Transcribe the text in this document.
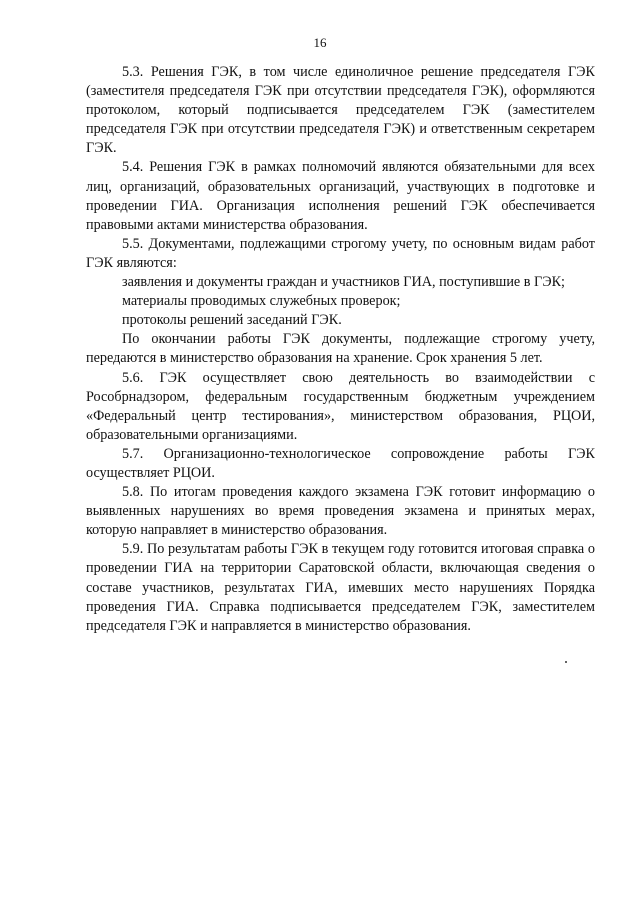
16

5.3. Решения ГЭК, в том числе единоличное решение председателя ГЭК (заместителя председателя ГЭК при отсутствии председателя ГЭК), оформляются протоколом, который подписывается председателем ГЭК (заместителем председателя ГЭК при отсутствии председателя ГЭК) и ответственным секретарем ГЭК.

5.4. Решения ГЭК в рамках полномочий являются обязательными для всех лиц, организаций, образовательных организаций, участвующих в подготовке и проведении ГИА. Организация исполнения решений ГЭК обеспечивается правовыми актами министерства образования.

5.5. Документами, подлежащими строгому учету, по основным видам работ ГЭК являются:

заявления и документы граждан и участников ГИА, поступившие в ГЭК;

материалы проводимых служебных проверок;

протоколы решений заседаний ГЭК.

По окончании работы ГЭК документы, подлежащие строгому учету, передаются в министерство образования на хранение. Срок хранения 5 лет.

5.6. ГЭК осуществляет свою деятельность во взаимодействии с Рособрнадзором, федеральным государственным бюджетным учреждением «Федеральный центр тестирования», министерством образования, РЦОИ, образовательными организациями.

5.7. Организационно-технологическое сопровождение работы ГЭК осуществляет РЦОИ.

5.8. По итогам проведения каждого экзамена ГЭК готовит информацию о выявленных нарушениях во время проведения экзамена и принятых мерах, которую направляет в министерство образования.

5.9. По результатам работы ГЭК в текущем году готовится итоговая справка о проведении ГИА на территории Саратовской области, включающая сведения о составе участников, результатах ГИА, имевших место нарушениях Порядка проведения ГИА. Справка подписывается председателем ГЭК, заместителем председателя ГЭК и направляется в министерство образования.
